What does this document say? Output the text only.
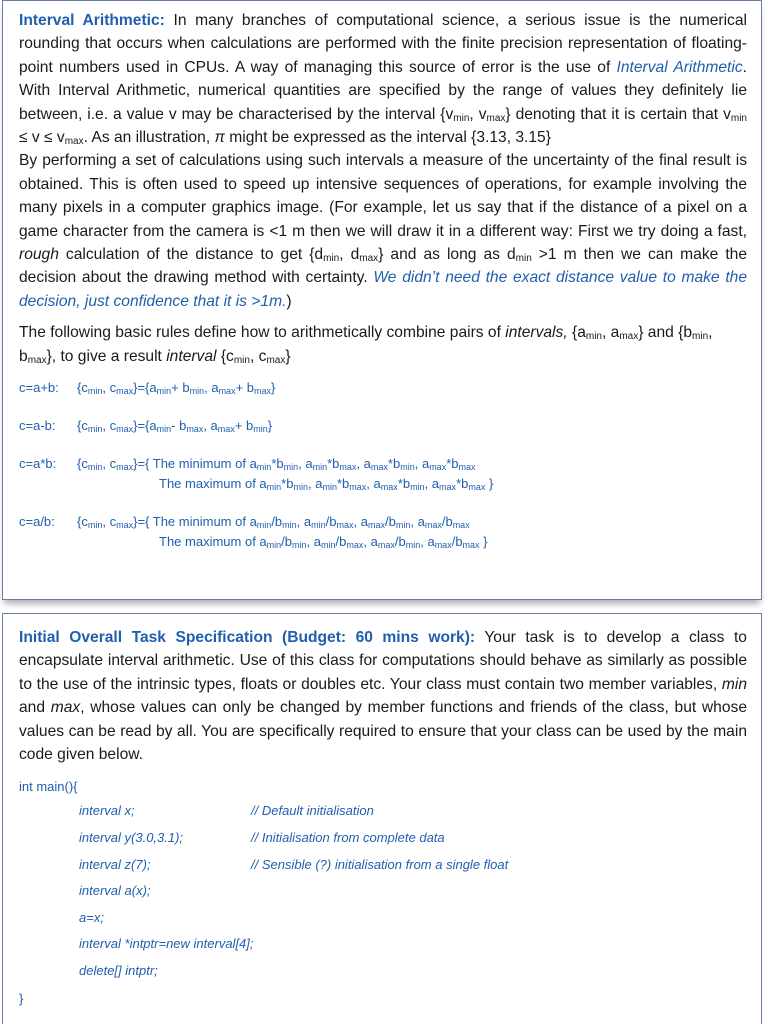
Interval Arithmetic: In many branches of computational science, a serious issue is the numerical rounding that occurs when calculations are performed with the finite precision representation of floating-point numbers used in CPUs. A way of managing this source of error is the use of Interval Arithmetic. With Interval Arithmetic, numerical quantities are specified by the range of values they definitely lie between, i.e. a value v may be characterised by the interval {$v_{min}$, $v_{max}$} denoting that it is certain that $v_{min} \le v \le v_{max}$. As an illustration, π might be expressed as the interval {3.13, 3.15}

By performing a set of calculations using such intervals a measure of the uncertainty of the final result is obtained. This is often used to speed up intensive sequences of operations, for example involving the many pixels in a computer graphics image. (For example, let us say that if the distance of a pixel on a game character from the camera is <1 m then we will draw it in a different way: First we try doing a fast, rough calculation of the distance to get {$d_{min}$, $d_{max}$} and as long as $d_{min} >1$ m then we can make the decision about the drawing method with certainty. We didn’t need the exact distance value to make the decision, just confidence that it is >1m.)

The following basic rules define how to arithmetically combine pairs of intervals, {$a_{min}$, $a_{max}$} and {$b_{min}$, $b_{max}$}, to give a result interval {$c_{min}$, $c_{max}$}

c=a+b: {$c_{min}$, $c_{max}\}=\{a_{min}+ b_{min}$, $a_{max}+ b_{max}$}
c=a-b: {$c_{min}$, $c_{max}\}=\{a_{min}-$ $b_{max}$, $a_{max}+ b_{min}$}
c=a*b: {$c_{min}$, $c_{max}\}=${ The minimum of $a_{min}*b_{min}$, $a_{min}*b_{max}$, $a_{max}*b_{min}$, $a_{max}*b_{max}$
The maximum of $a_{min}*b_{min}$, $a_{min}*b_{max}$, $a_{max}*b_{min}$, $a_{max}*b_{max}$ }
c=a/b: {$c_{min}$, $c_{max}\}=${ The minimum of $a_{min}/b_{min}$, $a_{min}/b_{max}$, $a_{max}/b_{min}$, $a_{max}/b_{max}$
The maximum of $a_{min}/b_{min}$, $a_{min}/b_{max}$, $a_{max}/b_{min}$, $a_{max}/b_{max}$ }

Initial Overall Task Specification (Budget: 60 mins work): Your task is to develop a class to encapsulate interval arithmetic. Use of this class for computations should behave as similarly as possible to the use of the intrinsic types, floats or doubles etc. Your class must contain two member variables, min and max, whose values can only be changed by member functions and friends of the class, but whose values can be read by all. You are specifically required to ensure that your class can be used by the main code given below.

int main(){
interval x;	// Default initialisation
interval y(3.0,3.1);	// Initialisation from complete data
interval z(7);	// Sensible (?) initialisation from a single float
interval a(x);
a=x;
interval *intptr=new interval[4];
delete[] intptr;
}
